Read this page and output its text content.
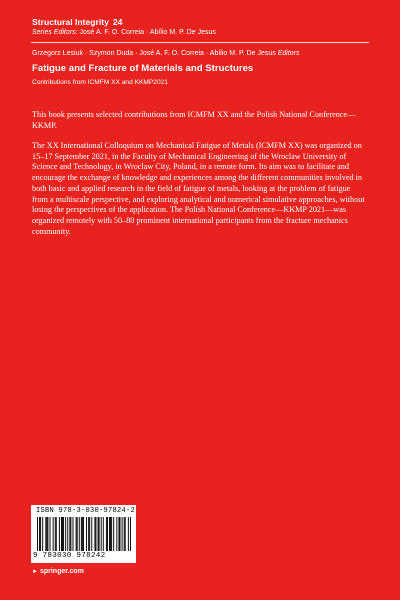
Structural Integrity 24
Series Editors: José A. F. O. Correia · Abílio M. P. De Jesus
Grzegorz Lesiuk · Szymon Duda · José A. F. O. Correia · Abílio M. P. De Jesus Editors
Fatigue and Fracture of Materials and Structures
Contributions from ICMFM XX and KKMP2021

This book presents selected contributions from ICMFM XX and the Polish National Conference—KKMP.

The XX International Colloquium on Mechanical Fatigue of Metals (ICMFM XX) was organized on 15–17 September 2021, in the Faculty of Mechanical Engineering of the Wroclaw University of Science and Technology, in Wroclaw City, Poland, in a remote form. Its aim was to facilitate and encourage the exchange of knowledge and experiences among the different communities involved in both basic and applied research in the field of fatigue of metals, looking at the problem of fatigue from a multiscale perspective, and exploring analytical and numerical simulative approaches, without losing the perspectives of the application. The Polish National Conference—KKMP 2021—was organized remotely with 50–80 prominent international participants from the fracture mechanics community.

ISBN 978-3-030-97824-2
9 783030 978242
► springer.com
